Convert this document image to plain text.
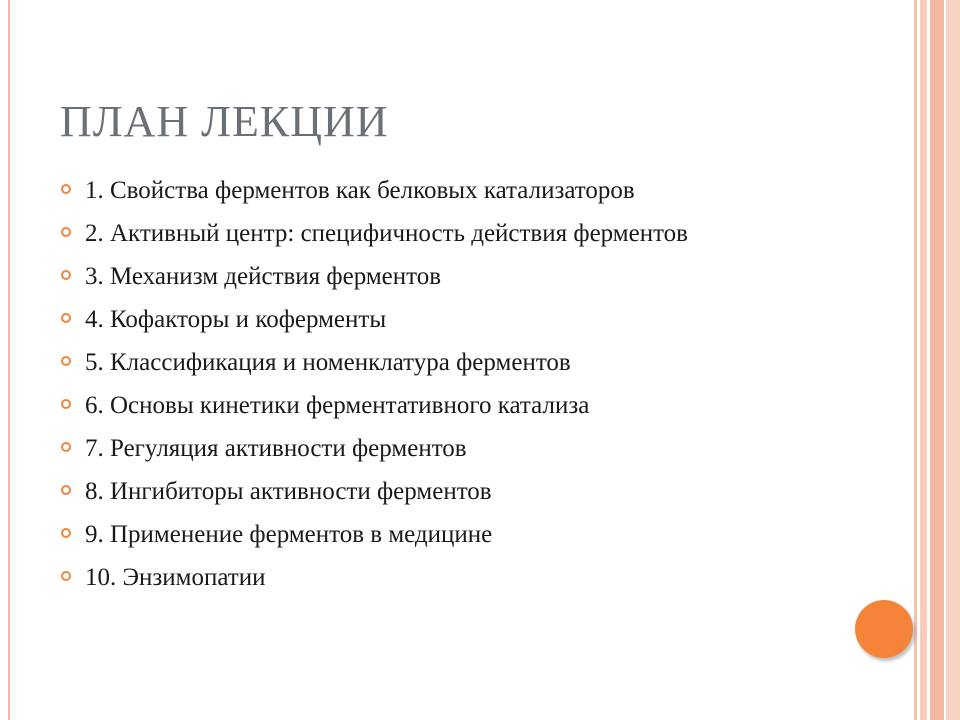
ПЛАН ЛЕКЦИИ
1. Свойства ферментов как белковых катализаторов
2. Активный центр: специфичность действия ферментов
3. Механизм действия ферментов
4. Кофакторы и коферменты
5. Классификация и номенклатура ферментов
6. Основы кинетики ферментативного катализа
7. Регуляция активности ферментов
8. Ингибиторы активности ферментов
9. Применение ферментов в медицине
10. Энзимопатии
